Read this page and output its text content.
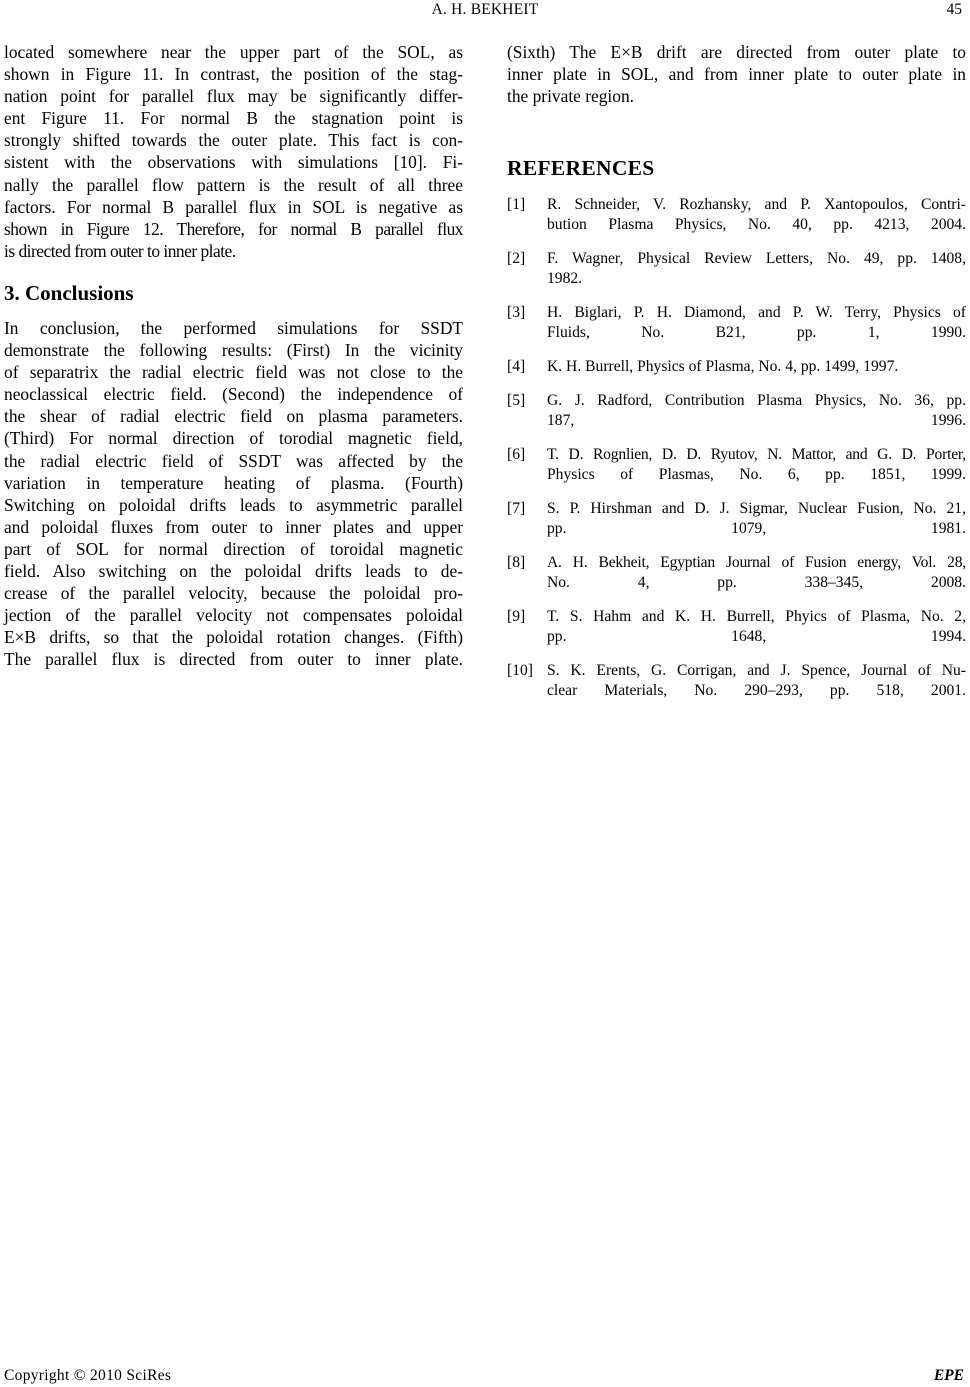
A. H. BEKHEIT	45

located somewhere near the upper part of the SOL, as

shown in Figure 11. In contrast, the position of the stag-

nation point for parallel flux may be significantly differ-

ent Figure 11. For normal B the stagnation point is

strongly shifted towards the outer plate. This fact is con-

sistent with the observations with simulations [10]. Fi-

nally the parallel flow pattern is the result of all three

factors. For normal B parallel flux in SOL is negative as

shown in Figure 12. Therefore, for normal B parallel flux

is directed from outer to inner plate.

3. Conclusions

In conclusion, the performed simulations for SSDT

demonstrate the following results: (First) In the vicinity

of separatrix the radial electric field was not close to the

neoclassical electric field. (Second) the independence of

the shear of radial electric field on plasma parameters.

(Third) For normal direction of torodial magnetic field,

the radial electric field of SSDT was affected by the

variation in temperature heating of plasma. (Fourth)

Switching on poloidal drifts leads to asymmetric parallel

and poloidal fluxes from outer to inner plates and upper

part of SOL for normal direction of toroidal magnetic

field. Also switching on the poloidal drifts leads to de-

crease of the parallel velocity, because the poloidal pro-

jection of the parallel velocity not compensates poloidal

E×B drifts, so that the poloidal rotation changes. (Fifth)

The parallel flux is directed from outer to inner plate.

(Sixth) The E×B drift are directed from outer plate to

inner plate in SOL, and from inner plate to outer plate in

the private region.

REFERENCES
[1]	R. Schneider, V. Rozhansky, and P. Xantopoulos, Contri-
bution Plasma Physics, No. 40, pp. 4213, 2004.
[2]	F. Wagner, Physical Review Letters, No. 49, pp. 1408,
1982.
[3]	H. Biglari, P. H. Diamond, and P. W. Terry, Physics of
Fluids, No. B21, pp. 1, 1990.
[4]	K. H. Burrell, Physics of Plasma, No. 4, pp. 1499, 1997.
[5]	G. J. Radford, Contribution Plasma Physics, No. 36, pp.
187, 1996.
[6]	T. D. Rognlien, D. D. Ryutov, N. Mattor, and G. D. Porter,
Physics of Plasmas, No. 6, pp. 1851, 1999.
[7]	S. P. Hirshman and D. J. Sigmar, Nuclear Fusion, No. 21,
pp. 1079, 1981.
[8]	A. H. Bekheit, Egyptian Journal of Fusion energy, Vol. 28,
No. 4, pp. 338–345, 2008.
[9]	T. S. Hahm and K. H. Burrell, Phyics of Plasma, No. 2,
pp. 1648, 1994.
[10] S. K. Erents, G. Corrigan, and J. Spence, Journal of Nu-
clear Materials, No. 290–293, pp. 518, 2001.
Copyright © 2010 SciRes	EPE
